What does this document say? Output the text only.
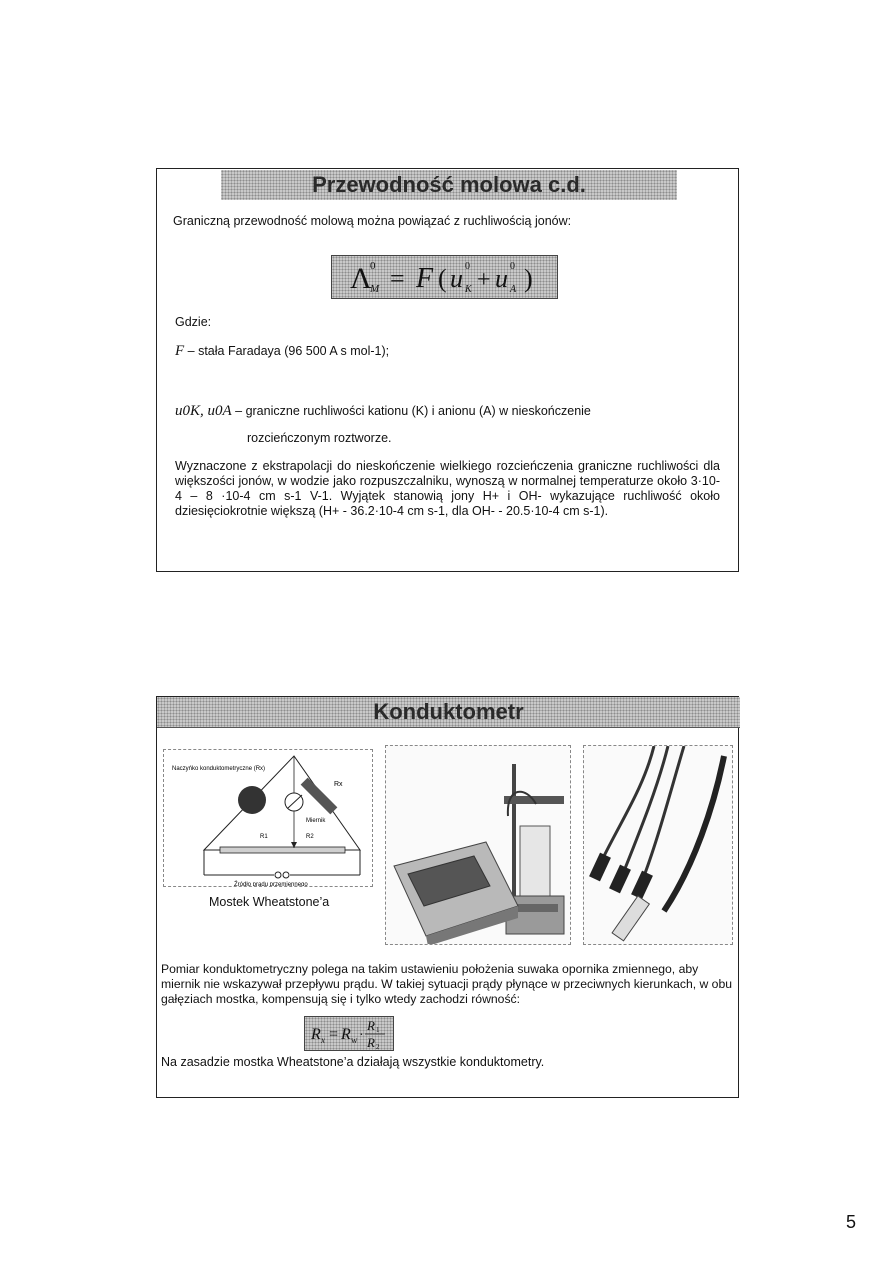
Przewodność molowa c.d.
Graniczną przewodność molową można powiązać z ruchliwością jonów:
Λ
M
0 = F ( u K
0
+ u A
0 )
Gdzie:
F – stała Faradaya (96 500 A s mol-1);
u0K, u0A – graniczne ruchliwości kationu (K) i anionu (A) w nieskończenie
rozcieńczonym roztworze.
Wyznaczone z ekstrapolacji do nieskończenie wielkiego rozcieńczenia graniczne ruchliwości dla większości jonów, w wodzie jako rozpuszczalniku, wynoszą w normalnej temperaturze około 3·10-4 – 8 ·10-4 cm s-1 V-1. Wyjątek stanowią jony H+ i OH- wykazujące ruchliwość około dziesięciokrotnie większą (H+ - 36.2·10-4 cm s-1, dla OH- - 20.5·10-4 cm s-1).
Konduktometr
Naczyńko konduktometryczne (Rx)
Rx
Miernik
R1	R2
Źródło prądu przemiennego
Mostek Wheatstone’a
Pomiar konduktometryczny polega na takim ustawieniu położenia suwaka opornika zmiennego, aby miernik nie wskazywał przepływu prądu. W takiej sytuacji prądy płynące w przeciwnych kierunkach, w obu gałęziach mostka, kompensują się i tylko wtedy zachodzi równość:
R x = R w ·
R 1
R 2
Na zasadzie mostka Wheatstone’a działają wszystkie konduktometry.
5
